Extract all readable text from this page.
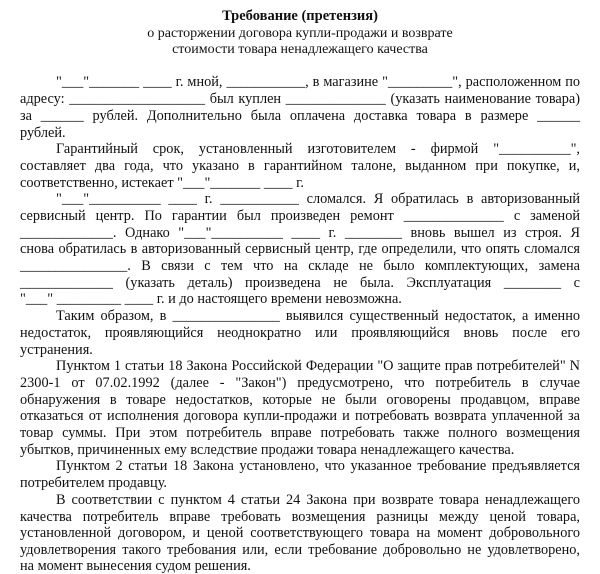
Требование (претензия)
о расторжении договора купли-продажи и возврате
стоимости товара ненадлежащего качества
"___"_______ ____ г. мной, ___________, в магазине "_________", расположенном по
адресу: ___________________ был куплен ______________ (указать наименование товара)
за ______ рублей. Дополнительно была оплачена доставка товара в размере ______
рублей.
Гарантийный срок, установленный изготовителем - фирмой "__________",
составляет два года, что указано в гарантийном талоне, выданном при покупке, и,
соответственно, истекает "___"_______ ____ г.
"___"__________ ____ г. ___________ сломался. Я обратилась в авторизованный
сервисный центр. По гарантии был произведен ремонт ______________ с заменой
_____________. Однако "___"__________ ____ г. ________ вновь вышел из строя. Я
снова обратилась в авторизованный сервисный центр, где определили, что опять сломался
_______________. В связи с тем что на складе не было комплектующих, замена
_____________ (указать деталь) произведена не была. Эксплуатация ________ с
"___" _________ ____ г. и до настоящего времени невозможна.
Таким образом, в _______________ выявился существенный недостаток, а именно
недостаток, проявляющийся неоднократно или проявляющийся вновь после его
устранения.
Пунктом 1 статьи 18 Закона Российской Федерации "О защите прав потребителей" N
2300-1 от 07.02.1992 (далее - "Закон") предусмотрено, что потребитель в случае
обнаружения в товаре недостатков, которые не были оговорены продавцом, вправе
отказаться от исполнения договора купли-продажи и потребовать возврата уплаченной за
товар суммы. При этом потребитель вправе потребовать также полного возмещения
убытков, причиненных ему вследствие продажи товара ненадлежащего качества.
Пунктом 2 статьи 18 Закона установлено, что указанное требование предъявляется
потребителем продавцу.
В соответствии с пунктом 4 статьи 24 Закона при возврате товара ненадлежащего
качества потребитель вправе требовать возмещения разницы между ценой товара,
установленной договором, и ценой соответствующего товара на момент добровольного
удовлетворения такого требования или, если требование добровольно не удовлетворено,
на момент вынесения судом решения.
